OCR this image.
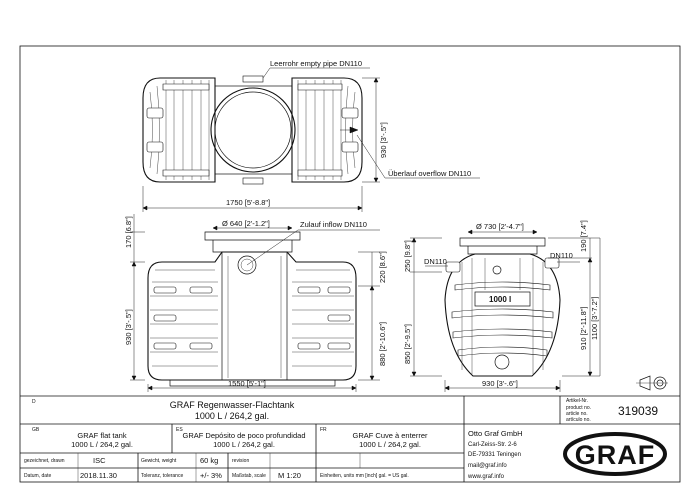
Leerrohr empty pipe DN110
Überlauf overflow DN110
1750 [5'-8.8"]
930 [3'-.5"]
Ø 640 [2'-1.2"]	Zulauf inflow DN110
170 [6.8"]
930 [3'-.5"]
220 [8.6"]
880 [2'-10.6"]
1550 [5'-1"]
Ø 730 [2'-4.7"]	190 [7.4"]
250 [9.8"]
850 [2'-9.5"]	910 [2'-11.8"] 1100 [3'-7.2"]
DN110
DN110
1000 l
930 [3'-.6"]
D	GRAF Regenwasser-Flachtank
1000 L / 264,2 gal.
Artikel-Nr.
product no.
article no.
artículo no.
319039
GB
GRAF flat tank
1000 L / 264,2 gal.
ES
GRAF Depósito de poco profundidad
1000 L / 264,2 gal.
FR
GRAF Cuve à enterrer
1000 L / 264,2 gal.
Otto Graf GmbH
Carl-Zeiss-Str. 2-6
DE-79331 Teningen
mail@graf.info
www.graf.info
gezeichnet, drawn	ISC	Gewicht, weight	60 kg	revision
Datum, date	2018.11.30	Toleranz, tolerance +/- 3% Maßstab, scale M 1:20	Einheiten, units mm [inch] gal. = US gal.
GRAF
